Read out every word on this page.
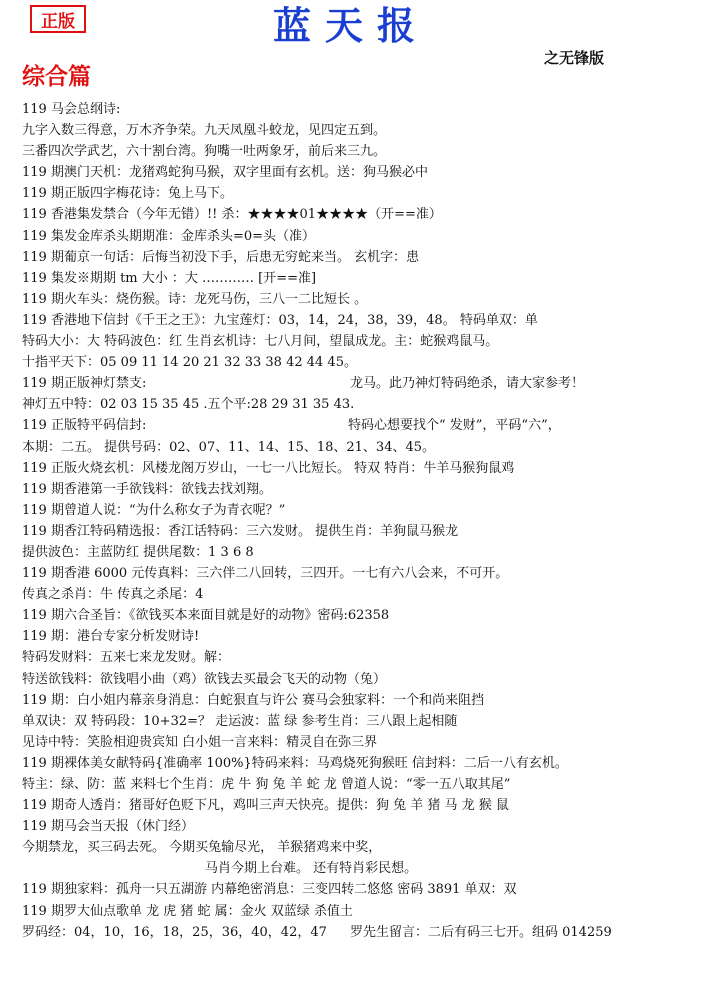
正版	蓝天报
之无锋版
综合篇
119 马会总纲诗:
九字入数三得意，万木齐争荣。九天凤凰斗蛟龙，见四定五到。
三番四次学武艺，六十割台湾。狗嘴一吐两象牙，前后来三九。
119 期澳门天机：龙猪鸡蛇狗马猴，双字里面有玄机。送：狗马猴必中
119 期正版四字梅花诗：兔上马下。
119 香港集发禁合（今年无错）!! 杀：★★★★01★★★★（开==准）
119 集发金库杀头期期准：金库杀头=0=头（准）
119 期葡京一句话：后悔当初没下手，后患无穷蛇来当。 玄机字：患
119 集发※期期 tm 大小 ：大 ………… [开==准]
119 期火车头：烧伤猴。诗：龙死马伤，三八一二比短长 。
119 香港地下信封《千王之王》：九宝莲灯：03，14，24，38，39，48。 特码单双：单
特码大小：大 特码波色：红 生肖玄机诗：七八月间，望鼠成龙。主：蛇猴鸡鼠马。
十指平天下：05 09 11 14 20 21 32 33 38 42 44 45。
119 期正版神灯禁支:	龙马。此乃神灯特码绝杀，请大家参考！
神灯五中特：02 03 15 35 45 .五个平:28 29 31 35 43.
119 正版特平码信封:	特码心想要找个“ 发财”，平码“六”，
本期：二五。 提供号码：02、07、11、14、15、18、21、34、45。
119 正版火烧玄机：风楼龙阁万岁山，一七一八比短长。 特双 特肖：牛羊马猴狗鼠鸡
119 期香港第一手欲钱料：欲钱去找刘翔。
119 期曾道人说：“为什么称女子为青衣呢？”
119 期香江特码精选报：香江话特码：三六发财。 提供生肖：羊狗鼠马猴龙
提供波色：主蓝防红 提供尾数：1 3 6 8
119 期香港 6000 元传真料：三六伴二八回转，三四开。一七有六八会来，不可开。
传真之杀肖：牛 传真之杀尾：4
119 期六合圣旨：《欲钱买本来面目就是好的动物》密码:62358
119 期：港台专家分析发财诗!
特码发财料：五来七来龙发财。解：
特送欲钱料：欲钱唱小曲（鸡）欲钱去买最会飞天的动物（兔）
119 期：白小姐内幕亲身消息：白蛇狠直与许公 赛马会独家料：一个和尚来阻挡
单双诀：双 特码段：10+32=？ 走运波：蓝 绿 参考生肖：三八跟上起相随
见诗中特：笑脸相迎贵宾知 白小姐一言来料：精灵自在弥三界
119 期裸体美女献特码{准确率 100%}特码来料：马鸡烧死狗猴旺 信封料：二后一八有玄机。
特主：绿、防：蓝 来料七个生肖：虎 牛 狗 兔 羊 蛇 龙 曾道人说：“零一五八取其尾”
119 期奇人透肖：猪哥好色贬下凡，鸡叫三声天快亮。提供：狗 兔 羊 猪 马 龙 猴 鼠
119 期马会当天报（休门经）
今期禁龙，买三码去死。 今期买兔输尽光， 羊猴猪鸡来中奖，
马肖今期上台难。 还有特肖彩民想。
119 期独家料：孤舟一只五湖游 内幕绝密消息：三变四转二悠悠 密码 3891 单双：双
119 期罗大仙点歌单 龙 虎 猪 蛇 属：金火 双蓝绿 杀值土
罗码经：04，10，16，18，25，36，40，42，47 罗先生留言：二后有码三七开。组码 014259
